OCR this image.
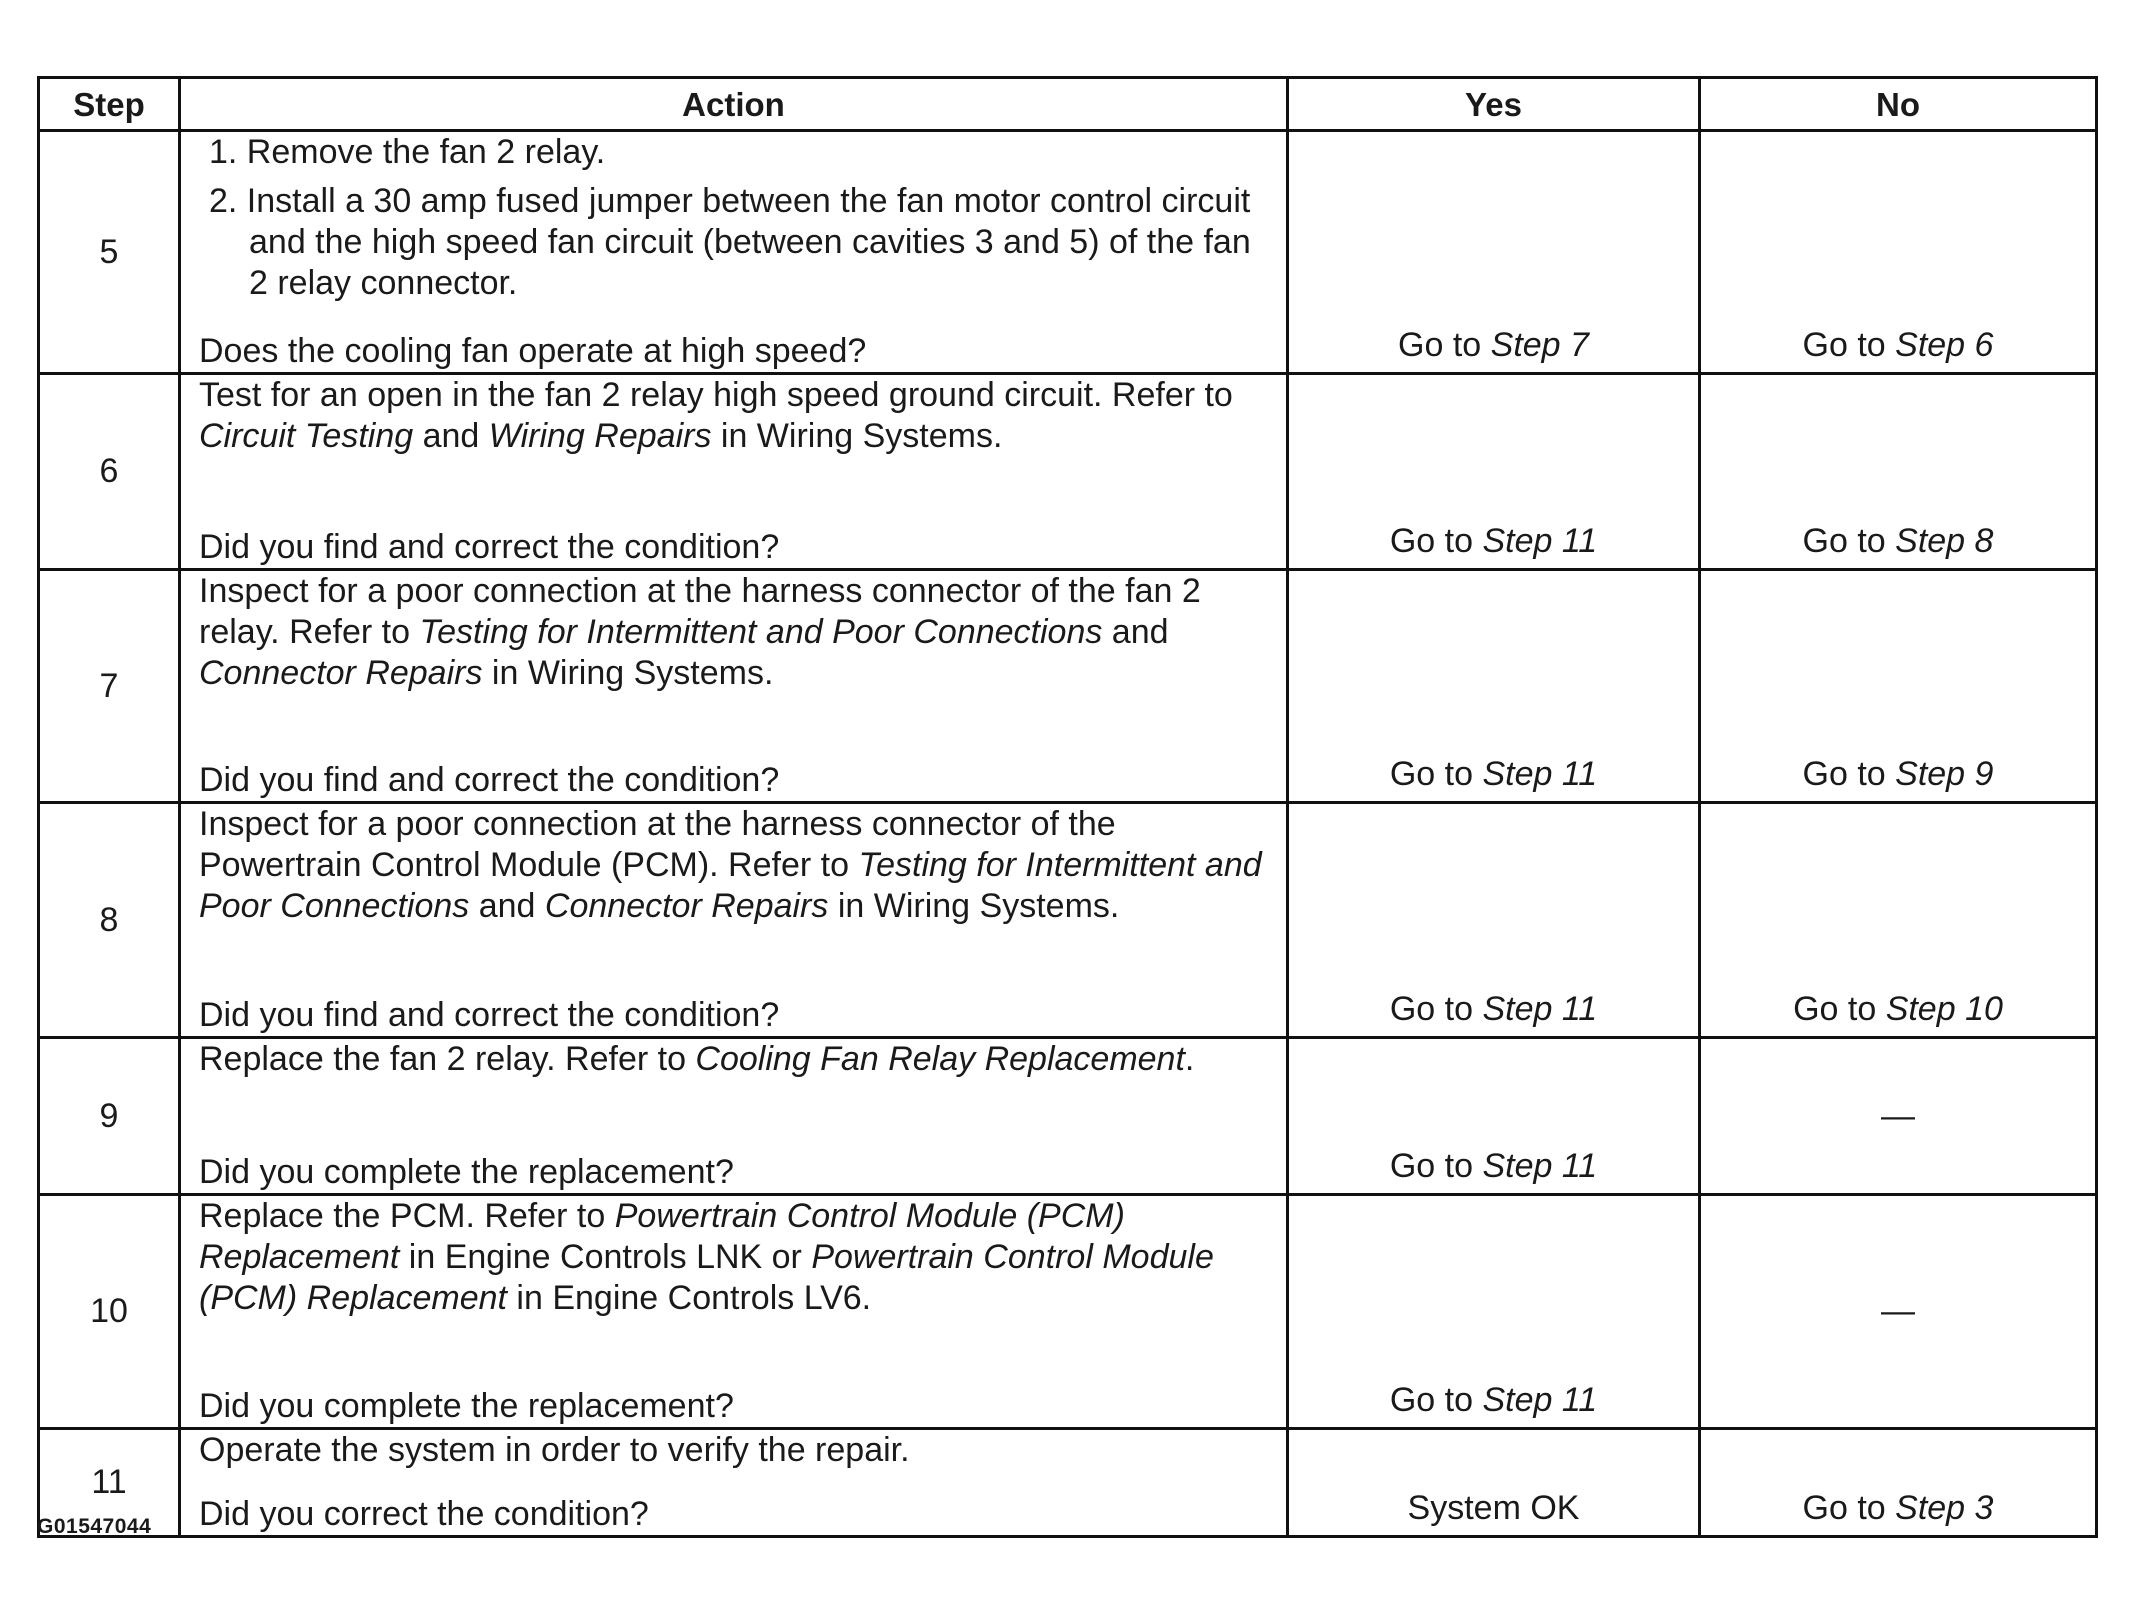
Step	Action	Yes	No
5	1. Remove the fan 2 relay.

2. Install a 30 amp fused jumper between the fan motor control circuit and the high speed fan circuit (between cavities 3 and 5) of the fan 2 relay connector.

Does the cooling fan operate at high speed?	Go to Step 7	Go to Step 6
6	Test for an open in the fan 2 relay high speed ground circuit. Refer to Circuit Testing and Wiring Repairs in Wiring Systems.

Did you find and correct the condition?	Go to Step 11	Go to Step 8
7	Inspect for a poor connection at the harness connector of the fan 2 relay. Refer to Testing for Intermittent and Poor Connections and Connector Repairs in Wiring Systems.

Did you find and correct the condition?	Go to Step 11	Go to Step 9
8	Inspect for a poor connection at the harness connector of the Powertrain Control Module (PCM). Refer to Testing for Intermittent and Poor Connections and Connector Repairs in Wiring Systems.

Did you find and correct the condition?	Go to Step 11	Go to Step 10
9	Replace the fan 2 relay. Refer to Cooling Fan Relay Replacement.

Did you complete the replacement?	Go to Step 11	—
10	Replace the PCM. Refer to Powertrain Control Module (PCM) Replacement in Engine Controls LNK or Powertrain Control Module (PCM) Replacement in Engine Controls LV6.

Did you complete the replacement?	Go to Step 11	—
11	Operate the system in order to verify the repair.

Did you correct the condition?	System OK	Go to Step 3
G01547044
